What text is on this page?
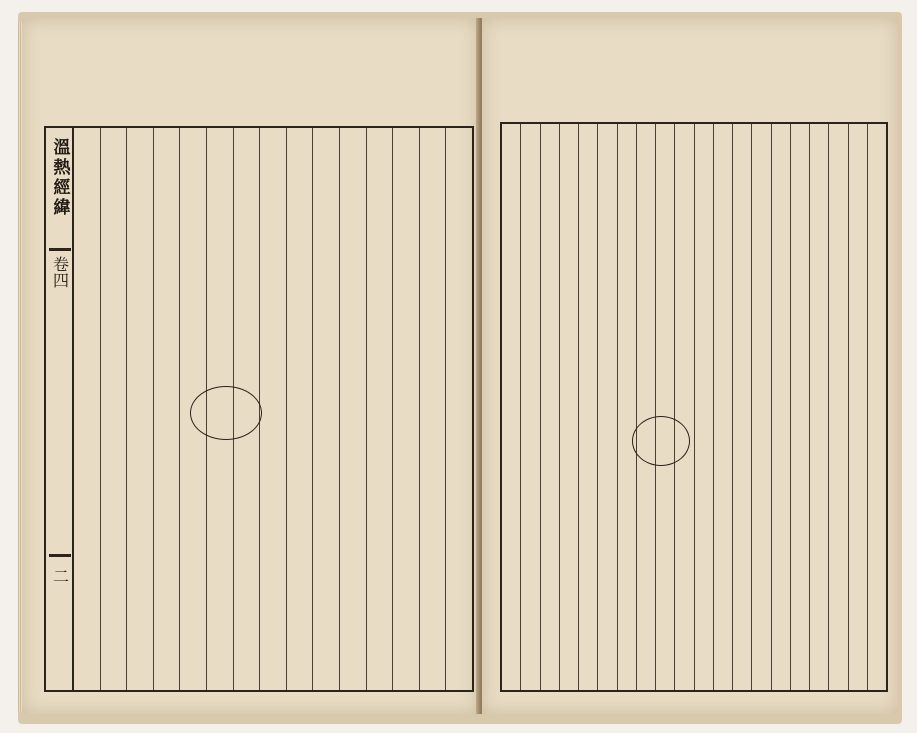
溫熱經緯
卷四
二
